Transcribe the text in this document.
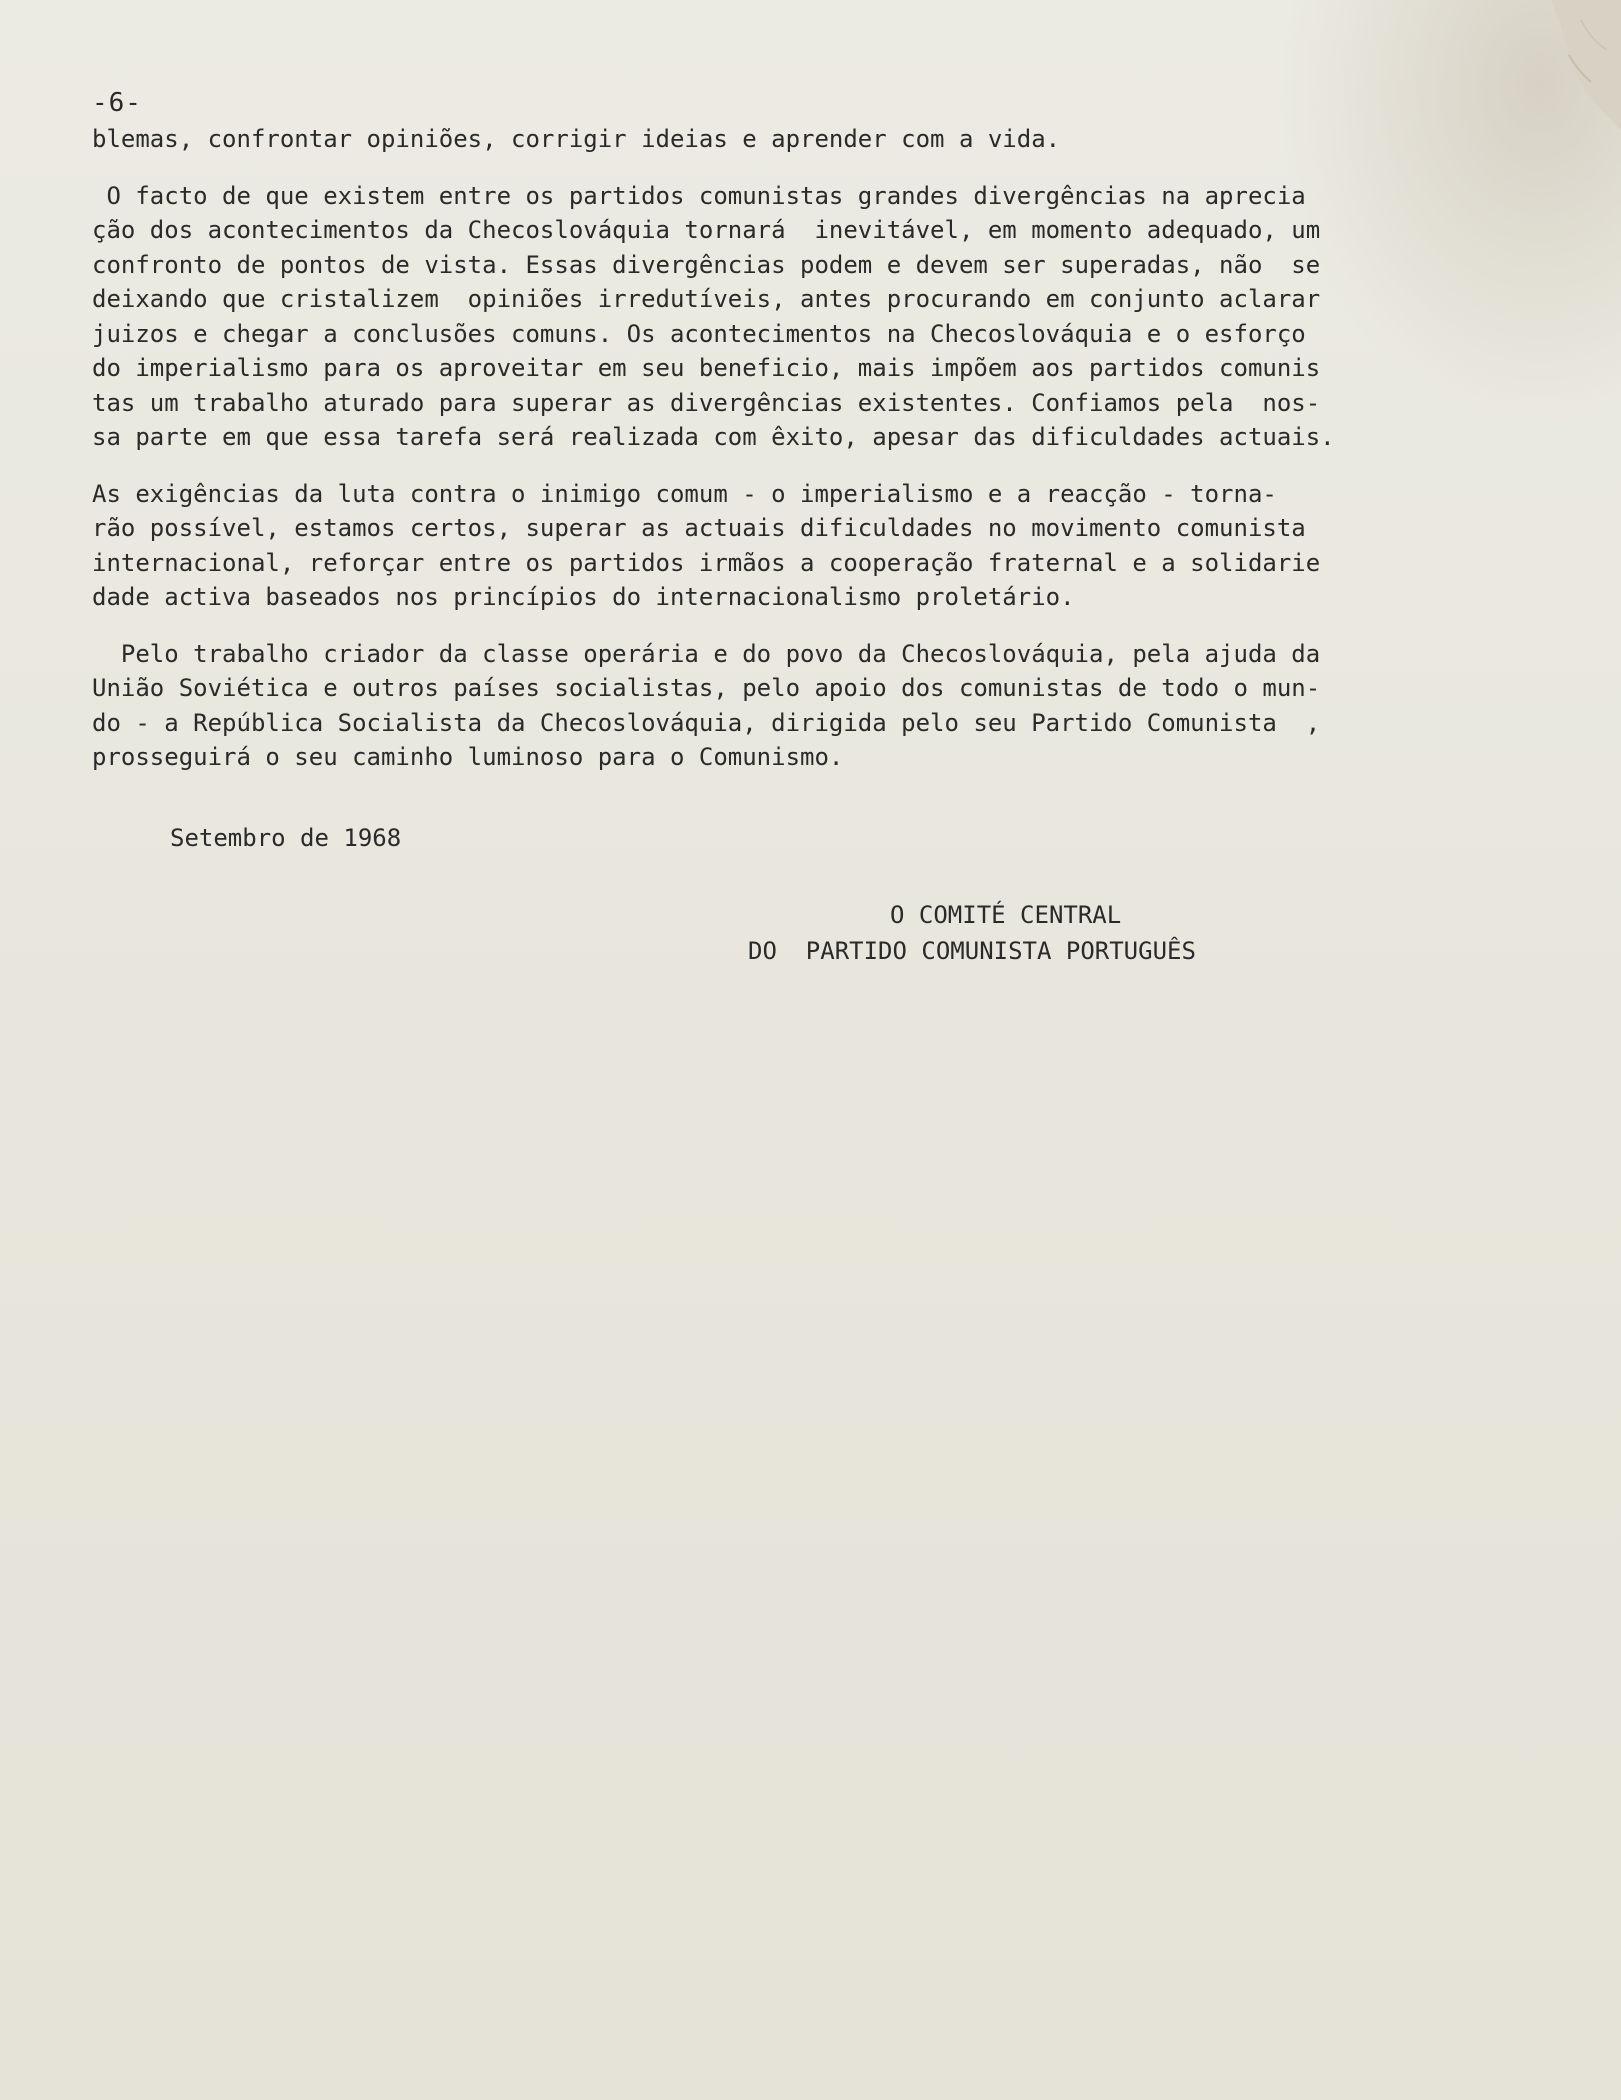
-6-

blemas, confrontar opiniões, corrigir ideias e aprender com a vida.

O facto de que existem entre os partidos comunistas grandes divergências na aprecia
ção dos acontecimentos da Checoslováquia tornará  inevitável, em momento adequado, um
confronto de pontos de vista. Essas divergências podem e devem ser superadas, não  se
deixando que cristalizem  opiniões irredutíveis, antes procurando em conjunto aclarar
juizos e chegar a conclusões comuns. Os acontecimentos na Checoslováquia e o esforço
do imperialismo para os aproveitar em seu beneficio, mais impõem aos partidos comunis
tas um trabalho aturado para superar as divergências existentes. Confiamos pela  nos-
sa parte em que essa tarefa será realizada com êxito, apesar das dificuldades actuais.

As exigências da luta contra o inimigo comum - o imperialismo e a reacção - torna-
rão possível, estamos certos, superar as actuais dificuldades no movimento comunista
internacional, reforçar entre os partidos irmãos a cooperação fraternal e a solidarie
dade activa baseados nos princípios do internacionalismo proletário.

Pelo trabalho criador da classe operária e do povo da Checoslováquia, pela ajuda da
União Soviética e outros países socialistas, pelo apoio dos comunistas de todo o mun-
do - a República Socialista da Checoslováquia, dirigida pelo seu Partido Comunista  ,
prosseguirá o seu caminho luminoso para o Comunismo.

Setembro de 1968
O COMITÉ CENTRAL
DO  PARTIDO COMUNISTA PORTUGUÊS
